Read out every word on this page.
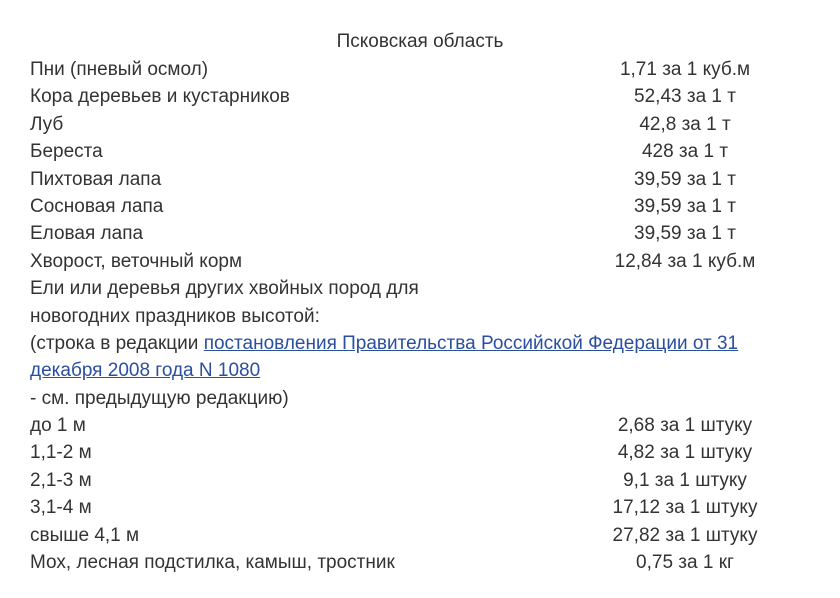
Псковская область
Пни (пневый осмол)	1,71 за 1 куб.м
Кора деревьев и кустарников	52,43 за 1 т
Луб	42,8 за 1 т
Береста	428 за 1 т
Пихтовая лапа	39,59 за 1 т
Сосновая лапа	39,59 за 1 т
Еловая лапа	39,59 за 1 т
Хворост, веточный корм	12,84 за 1 куб.м
Ели или деревья других хвойных пород для	
новогодних праздников высотой:	
(строка в редакции постановления Правительства Российской Федерации от 31
декабря 2008 года N 1080
- см. предыдущую редакцию)
до 1 м	2,68 за 1 штуку
1,1-2 м	4,82 за 1 штуку
2,1-3 м	9,1 за 1 штуку
3,1-4 м	17,12 за 1 штуку
свыше 4,1 м	27,82 за 1 штуку
Мох, лесная подстилка, камыш, тростник	0,75 за 1 кг
